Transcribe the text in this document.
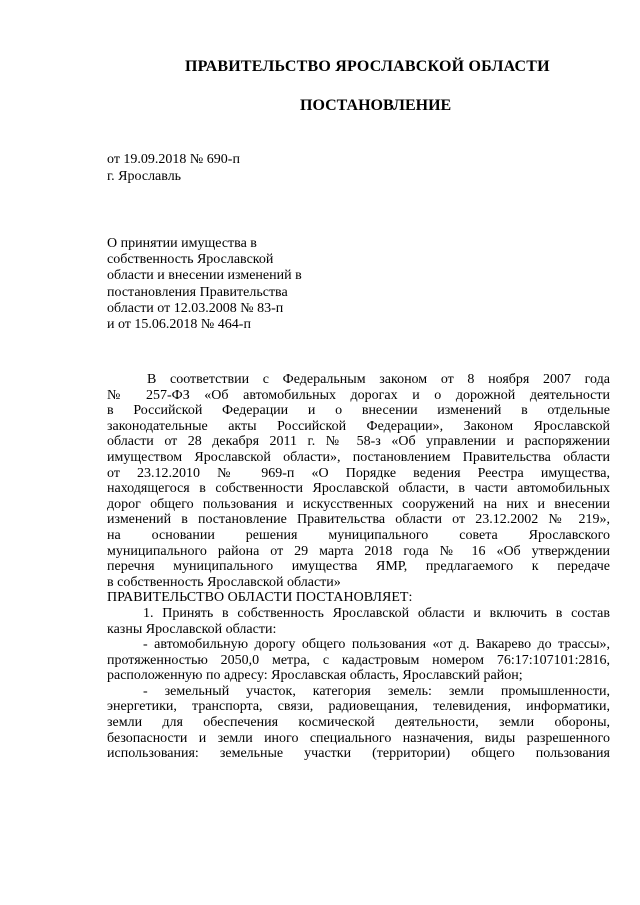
ПРАВИТЕЛЬСТВО ЯРОСЛАВСКОЙ ОБЛАСТИ
ПОСТАНОВЛЕНИЕ
от 19.09.2018 № 690-п
г. Ярославль
О принятии имущества в
собственность Ярославской
области и внесении изменений в
постановления Правительства
области от 12.03.2008 № 83-п
и от 15.06.2018 № 464-п

В соответствии с Федеральным законом от 8 ноября 2007 года

№ 257-ФЗ «Об автомобильных дорогах и о дорожной деятельности

в Российской Федерации и о внесении изменений в отдельные

законодательные акты Российской Федерации», Законом Ярославской

области от 28 декабря 2011 г. № 58-з «Об управлении и распоряжении

имуществом Ярославской области», постановлением Правительства области

от 23.12.2010 № 969-п «О Порядке ведения Реестра имущества,

находящегося в собственности Ярославской области, в части автомобильных

дорог общего пользования и искусственных сооружений на них и внесении

изменений в постановление Правительства области от 23.12.2002 № 219»,

на основании решения муниципального совета Ярославского

муниципального района от 29 марта 2018 года № 16 «Об утверждении

перечня муниципального имущества ЯМР, предлагаемого к передаче

в собственность Ярославской области»

ПРАВИТЕЛЬСТВО ОБЛАСТИ ПОСТАНОВЛЯЕТ:

1. Принять в собственность Ярославской области и включить в состав

казны Ярославской области:

- автомобильную дорогу общего пользования «от д. Вакарево до трассы»,

протяженностью 2050,0 метра, с кадастровым номером 76:17:107101:2816,

расположенную по адресу: Ярославская область, Ярославский район;

- земельный участок, категория земель: земли промышленности,

энергетики, транспорта, связи, радиовещания, телевидения, информатики,

земли для обеспечения космической деятельности, земли обороны,

безопасности и земли иного специального назначения, виды разрешенного

использования: земельные участки (территории) общего пользования
